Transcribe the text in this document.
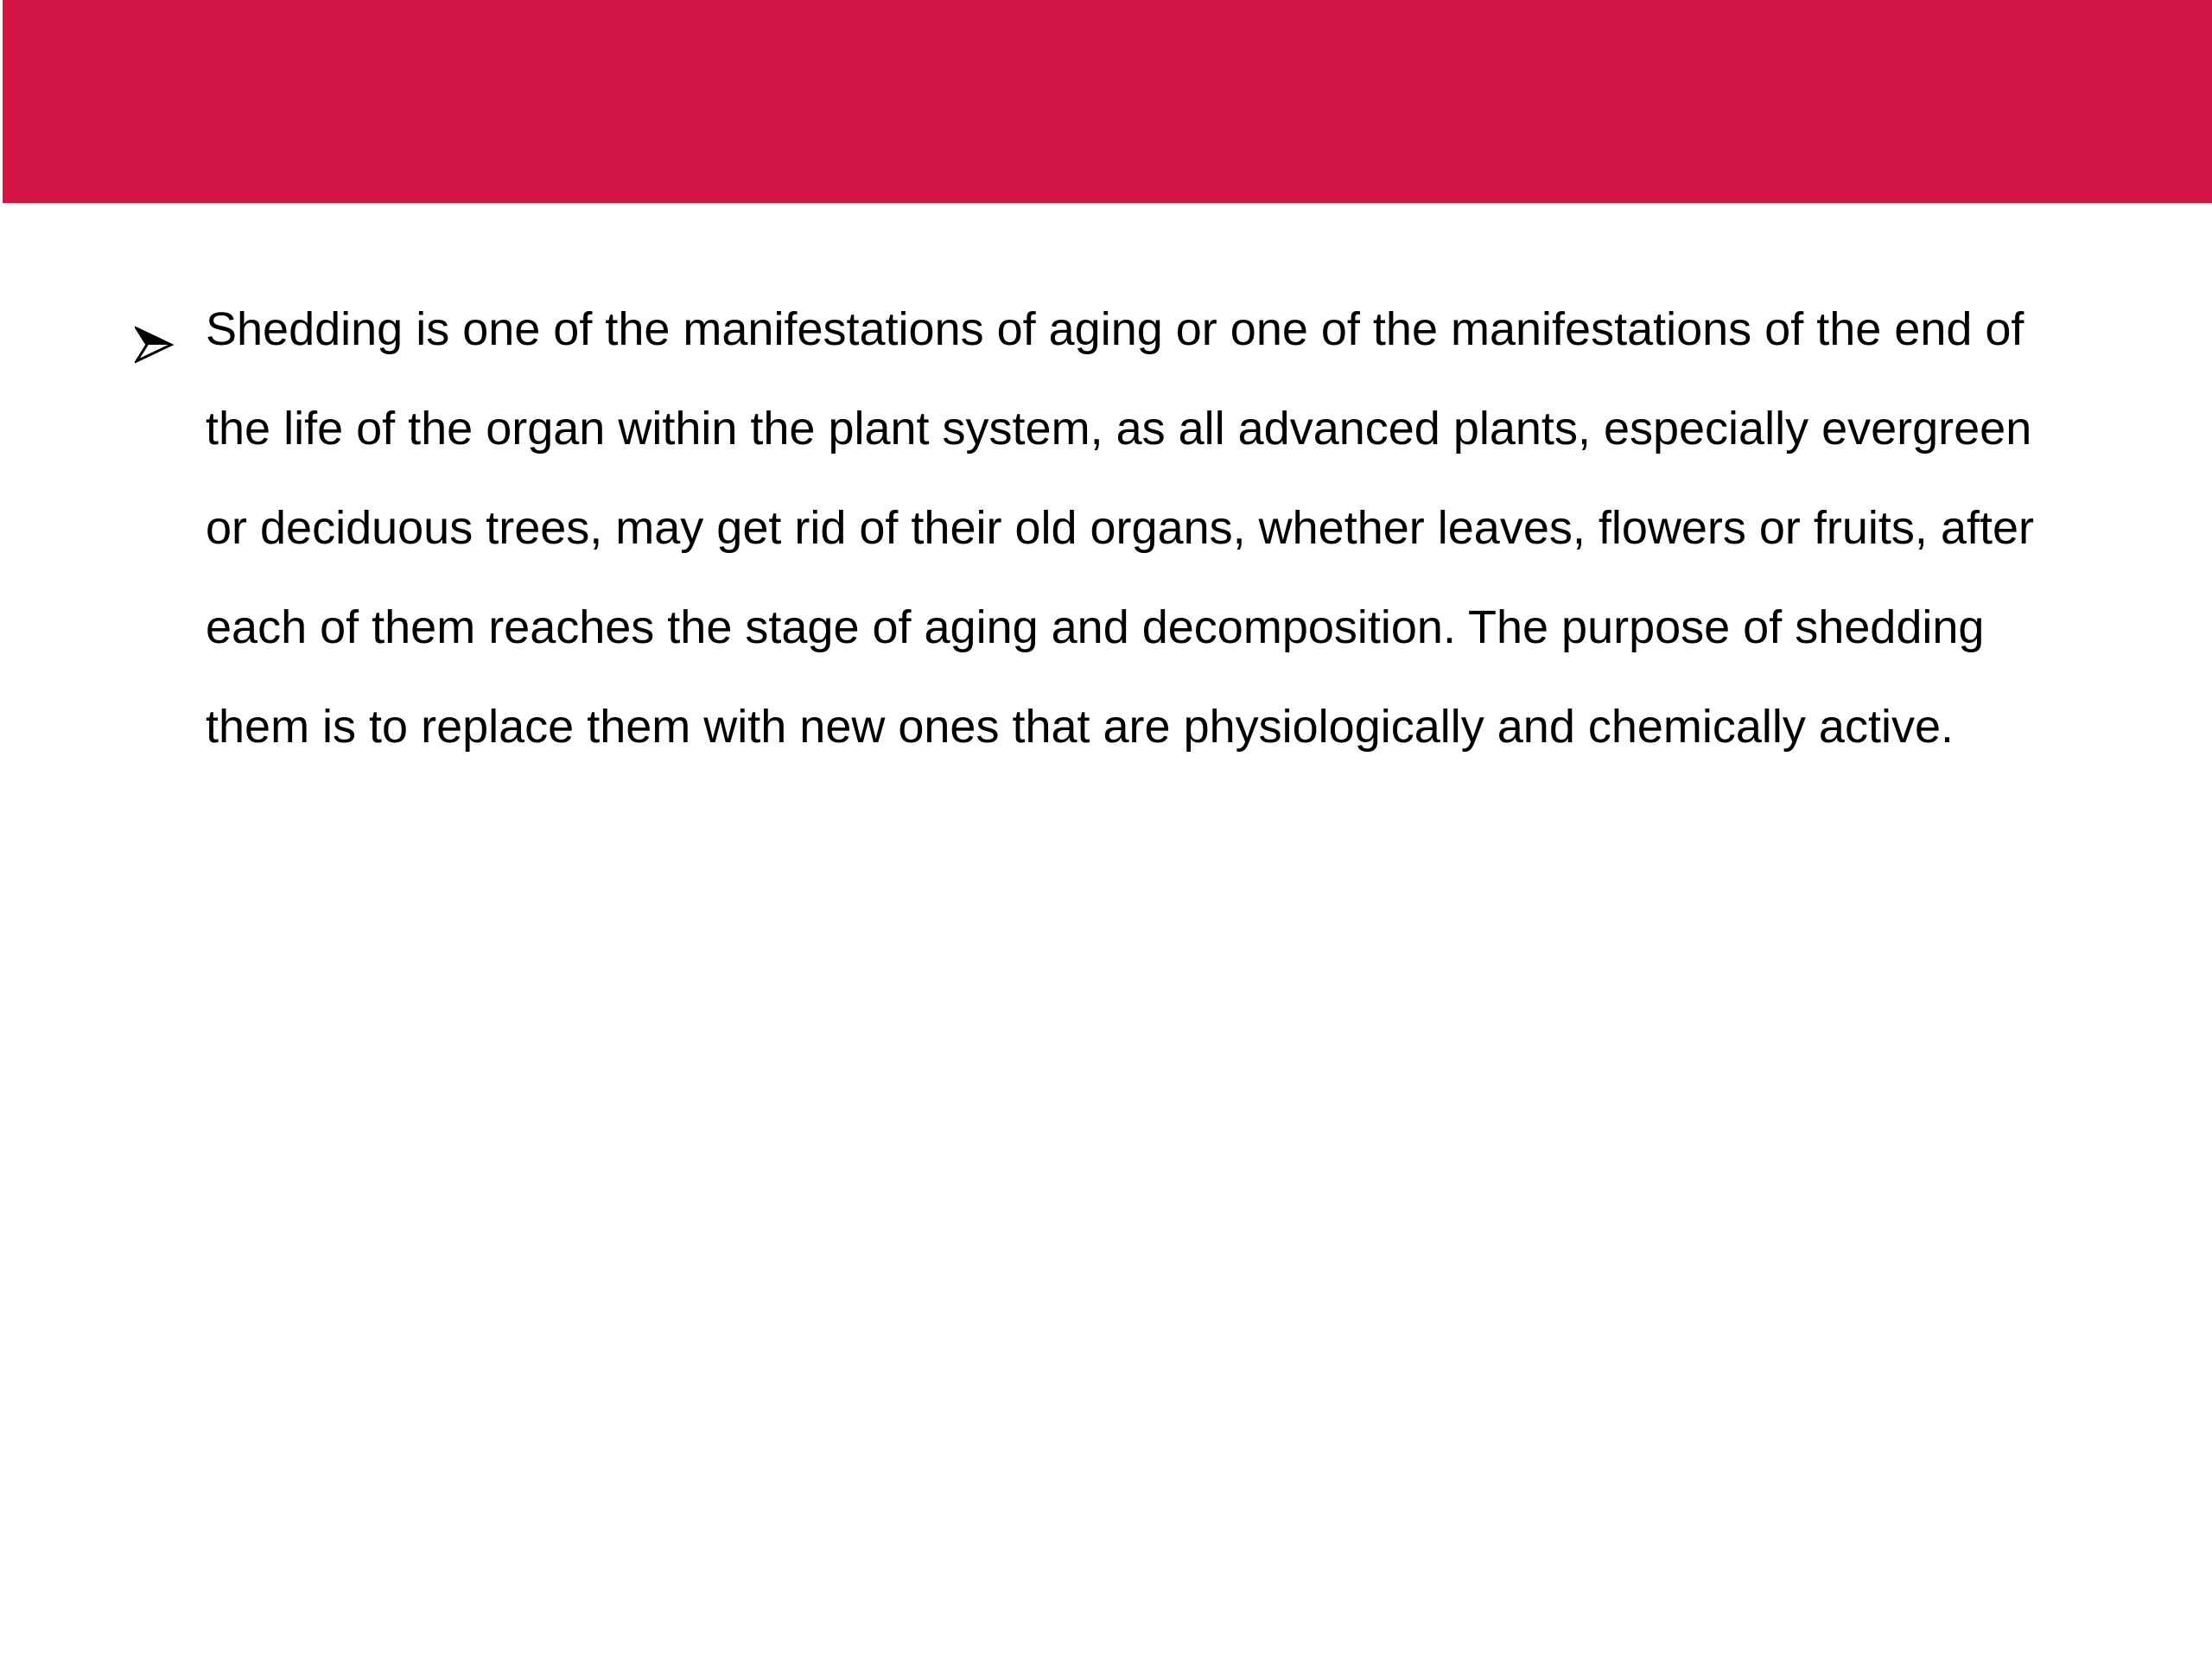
Shedding is one of the manifestations of aging or one of the manifestations of the end of the life of the organ within the plant system, as all advanced plants, especially evergreen or deciduous trees, may get rid of their old organs, whether leaves, flowers or fruits, after each of them reaches the stage of aging and decomposition. The purpose of shedding them is to replace them with new ones that are physiologically and chemically active.
